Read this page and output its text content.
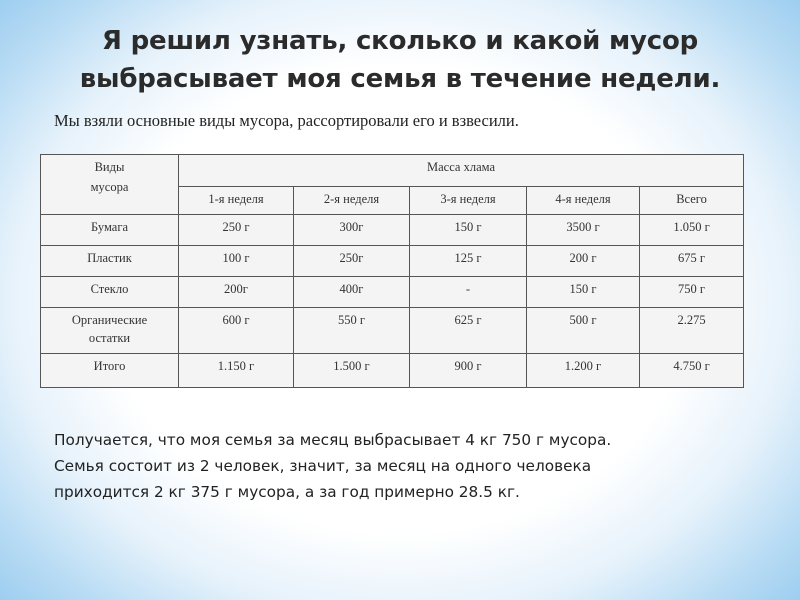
Я решил узнать, сколько и какой мусор
выбрасывает моя семья в течение недели.
Мы взяли основные виды мусора, рассортировали его и взвесили.
Виды
мусора	Масса хлама				
	1-я неделя	2-я неделя	3-я неделя	4-я неделя	Всего
Бумага	250 г	300г	150 г	3500 г	1.050 г
Пластик	100 г	250г	125 г	200 г	675 г
Стекло	200г	400г	-	150 г	750 г

Органические
остатки	600 г	550 г	625 г	500 г	2.275
Итого	1.150 г	1.500 г	900 г	1.200 г	4.750 г
Получается, что моя семья за месяц выбрасывает 4 кг 750 г мусора.
Семья состоит из 2 человек, значит, за месяц на одного человека
приходится 2 кг 375 г мусора, а за год примерно 28.5 кг.
